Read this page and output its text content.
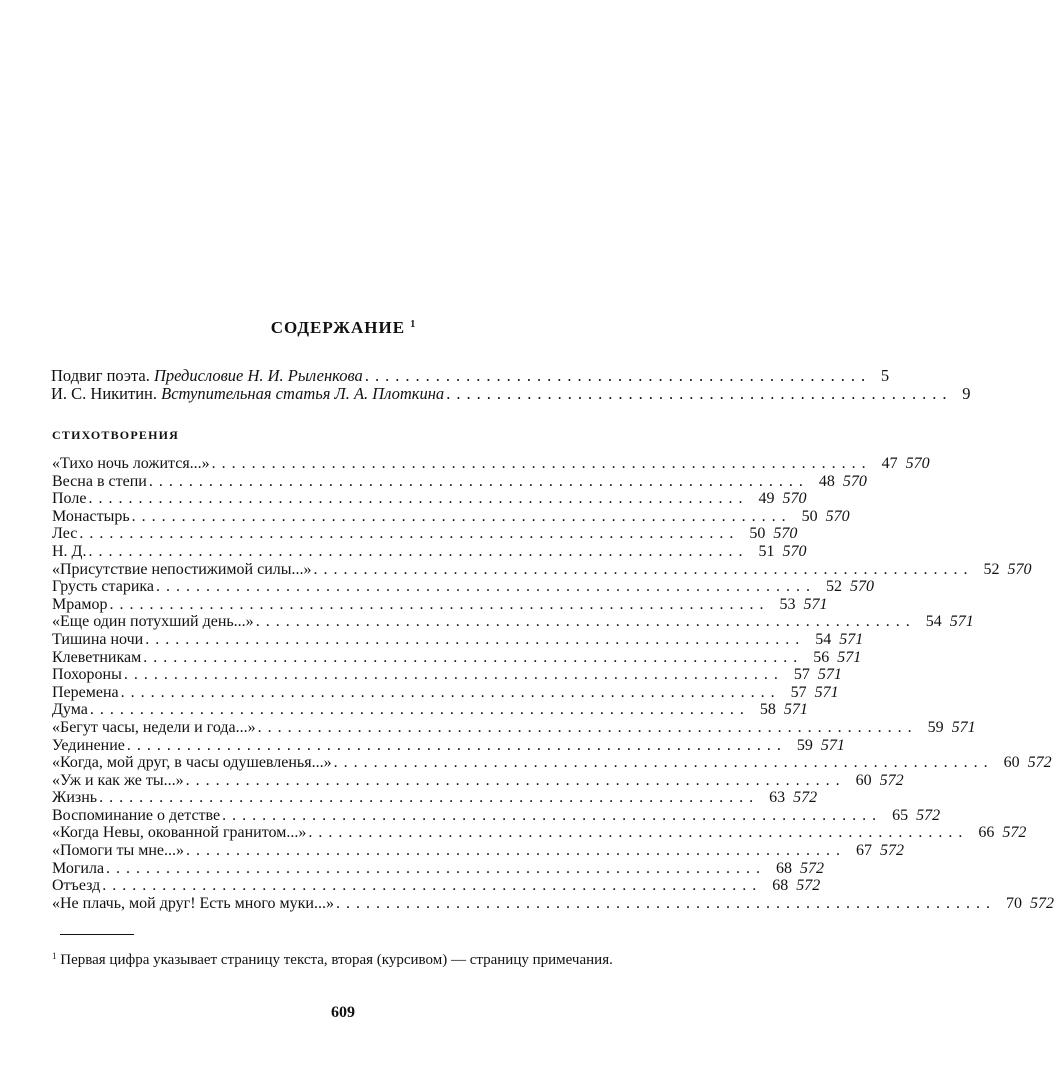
СОДЕРЖАНИЕ $^1$
Подвиг поэта. Предисловие Н. И. Рыленкова .................................................. 5
И. С. Никитин. Вступительная статья Л. А. Плоткина .................................................. 9
СТИХОТВОРЕНИЯ
«Тихо ночь ложится...» .................................................................. 47 570
Весна в степи .................................................................. 48 570
Поле .................................................................. 49 570
Монастырь .................................................................. 50 570
Лес .................................................................. 50 570
Н. Д. .................................................................. 51 570
«Присутствие непостижимой силы...» .................................................................. 52 570
Грусть старика .................................................................. 52 570
Мрамор .................................................................. 53 571
«Еще один потухший день...» .................................................................. 54 571
Тишина ночи .................................................................. 54 571
Клеветникам .................................................................. 56 571
Похороны .................................................................. 57 571
Перемена .................................................................. 57 571
Дума .................................................................. 58 571
«Бегут часы, недели и года...» .................................................................. 59 571
Уединение .................................................................. 59 571
«Когда, мой друг, в часы одушевленья...» .................................................................. 60 572
«Уж и как же ты...» .................................................................. 60 572
Жизнь .................................................................. 63 572
Воспоминание о детстве .................................................................. 65 572
«Когда Невы, окованной гранитом...» .................................................................. 66 572
«Помоги ты мне...» .................................................................. 67 572
Могила .................................................................. 68 572
Отъезд .................................................................. 68 572
«Не плачь, мой друг! Есть много муки...» .................................................................. 70 572
$^1$ Первая цифра указывает страницу текста, вторая (курсивом) — страницу примечания.
609
